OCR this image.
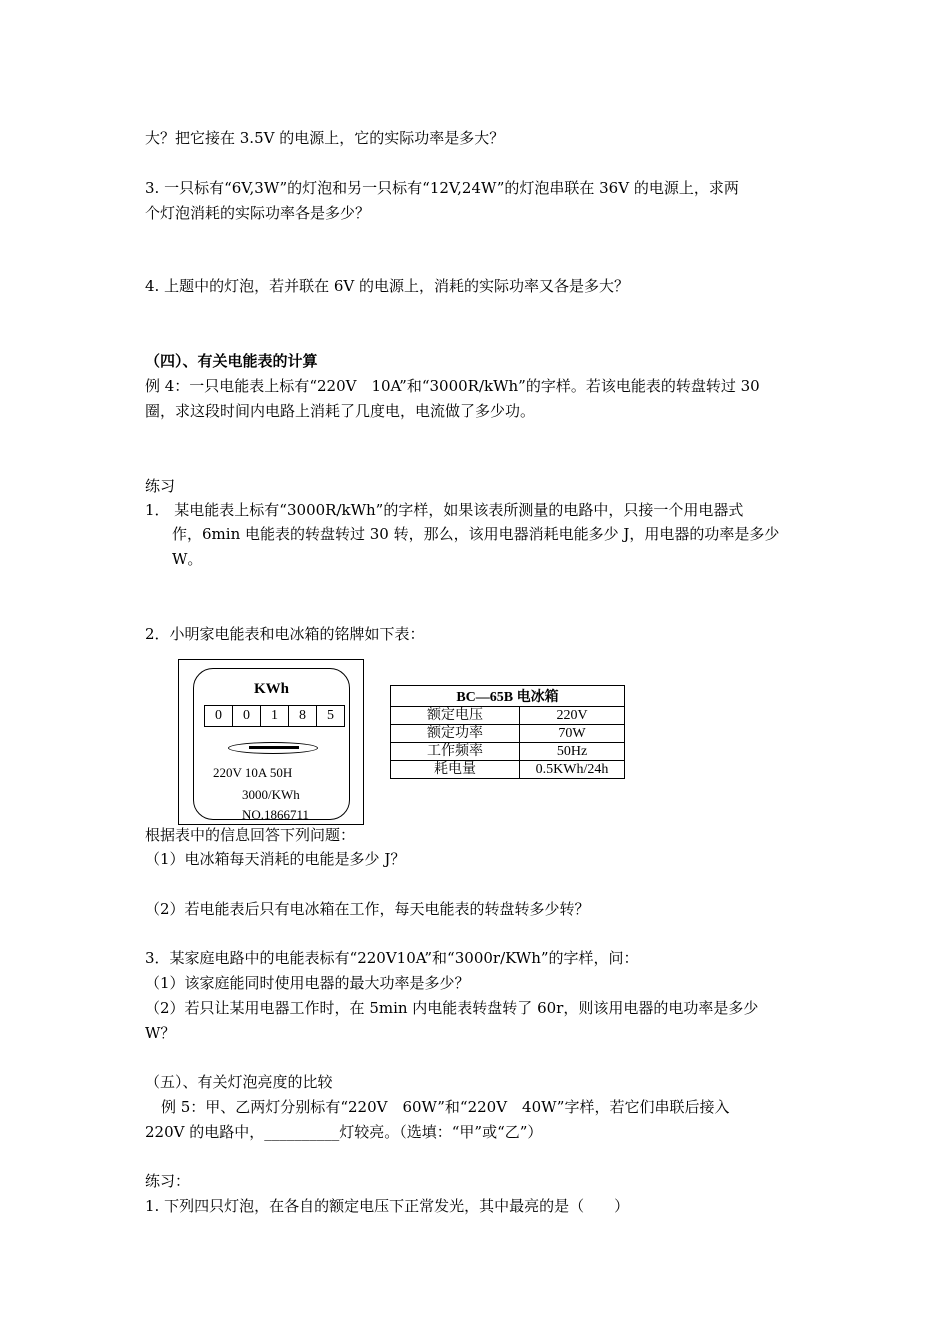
大？把它接在 3.5V 的电源上，它的实际功率是多大？
3. 一只标有“6V,3W”的灯泡和另一只标有“12V,24W”的灯泡串联在 36V 的电源上，求两
个灯泡消耗的实际功率各是多少？
4. 上题中的灯泡，若并联在 6V 的电源上，消耗的实际功率又各是多大？
（四）、有关电能表的计算
例 4：一只电能表上标有“220V　10A”和“3000R/kWh”的字样。若该电能表的转盘转过 30
圈，求这段时间内电路上消耗了几度电，电流做了多少功。
练习
1． 某电能表上标有“3000R/kWh”的字样，如果该表所测量的电路中，只接一个用电器式
作，6min 电能表的转盘转过 30 转，那么，该用电器消耗电能多少 J，用电器的功率是多少
W。
2．小明家电能表和电冰箱的铭牌如下表：
KWh
0	0	1	8	5
220V 10A 50H
3000/KWh
NO.1866711
BC—65B 电冰箱	
额定电压	220V
额定功率	70W
工作频率	50Hz
耗电量	0.5KWh/24h
根据表中的信息回答下列问题：
（1）电冰箱每天消耗的电能是多少 J？
（2）若电能表后只有电冰箱在工作，每天电能表的转盘转多少转？
3．某家庭电路中的电能表标有“220V10A”和“3000r/KWh”的字样，问：
（1）该家庭能同时使用电器的最大功率是多少？
（2）若只让某用电器工作时，在 5min 内电能表转盘转了 60r，则该用电器的电功率是多少
W？
（五）、有关灯泡亮度的比较
例 5：甲、乙两灯分别标有“220V　60W”和“220V　40W”字样，若它们串联后接入
220V 的电路中，__________灯较亮。（选填：“甲”或“乙”）
练习：
1. 下列四只灯泡，在各自的额定电压下正常发光，其中最亮的是（　　）
